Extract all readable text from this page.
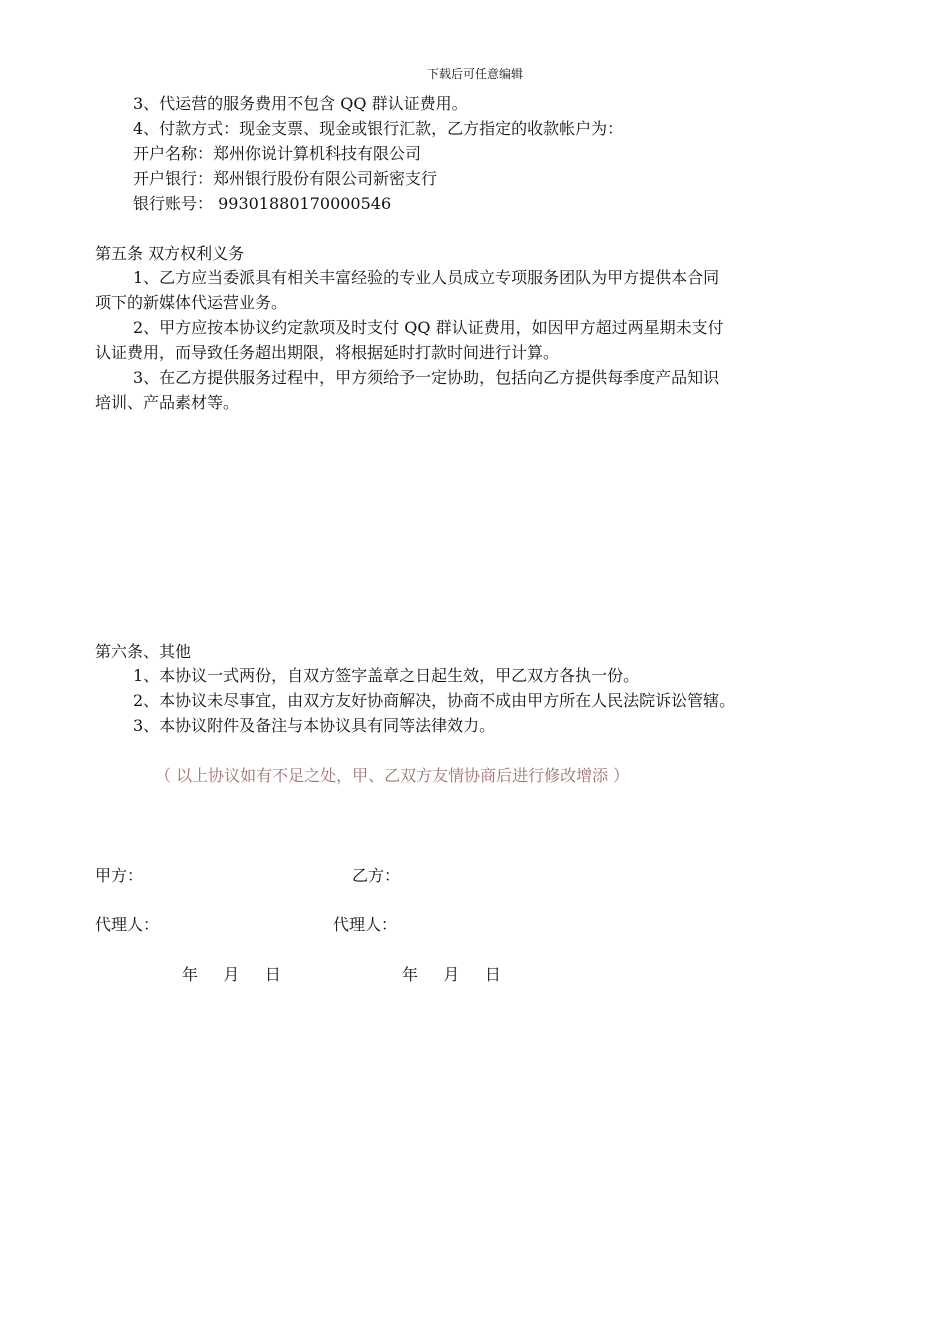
下载后可任意编辑
3、代运营的服务费用不包含 QQ 群认证费用。
4、付款方式：现金支票、现金或银行汇款，乙方指定的收款帐户为：
开户名称：郑州你说计算机科技有限公司
开户银行：郑州银行股份有限公司新密支行
银行账号： 99301880170000546
第五条 双方权利义务
1、乙方应当委派具有相关丰富经验的专业人员成立专项服务团队为甲方提供本合同
项下的新媒体代运营业务。
2、甲方应按本协议约定款项及时支付 QQ 群认证费用，如因甲方超过两星期未支付
认证费用，而导致任务超出期限，将根据延时打款时间进行计算。
3、在乙方提供服务过程中，甲方须给予一定协助，包括向乙方提供每季度产品知识
培训、产品素材等。
第六条、其他
1、本协议一式两份，自双方签字盖章之日起生效，甲乙双方各执一份。
2、本协议未尽事宜，由双方友好协商解决，协商不成由甲方所在人民法院诉讼管辖。
3、本协议附件及备注与本协议具有同等法律效力。
（ 以上协议如有不足之处，甲、乙双方友情协商后进行修改增添 ）
甲方：	乙方：
代理人：	代理人：
年     月     日	年     月     日
